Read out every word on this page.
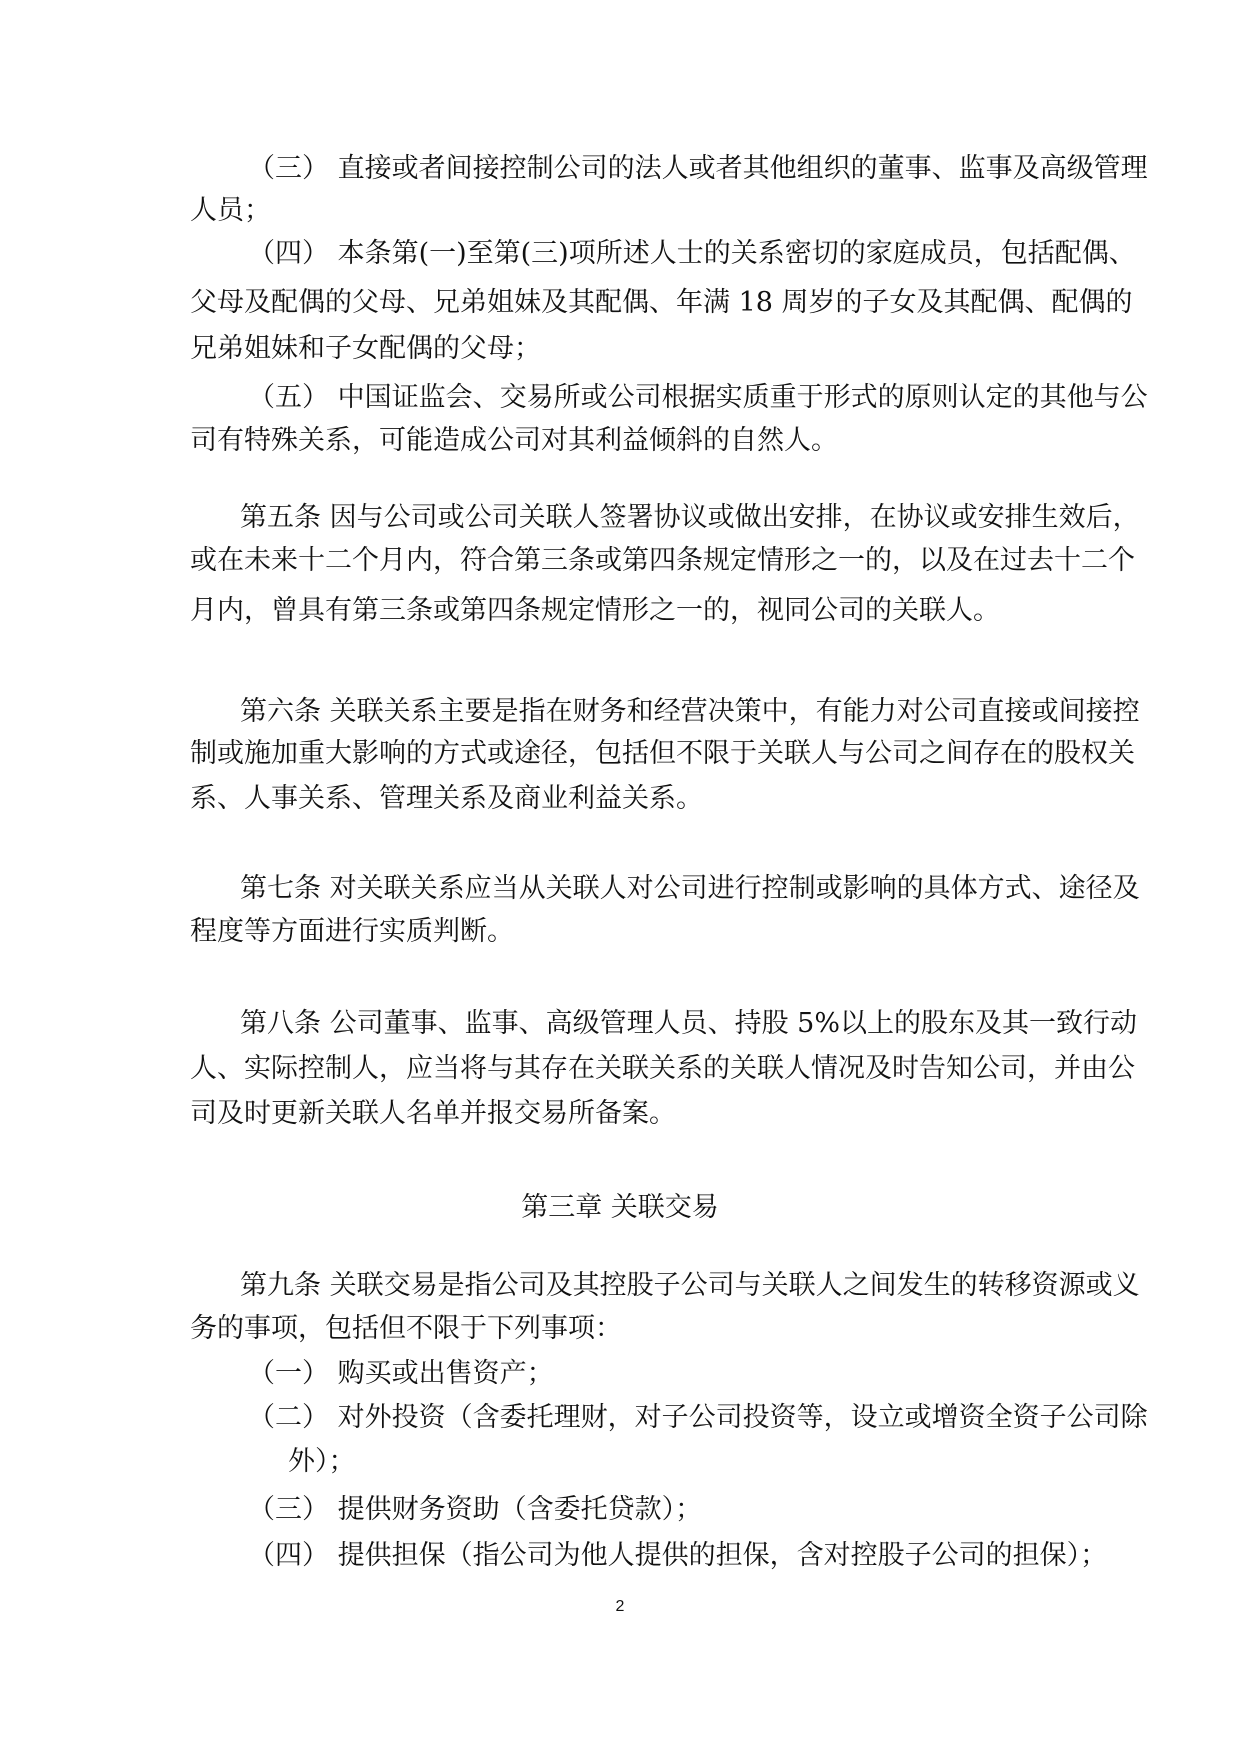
（三） 直接或者间接控制公司的法人或者其他组织的董事、监事及高级管理
人员；
（四） 本条第(一)至第(三)项所述人士的关系密切的家庭成员，包括配偶、
父母及配偶的父母、兄弟姐妹及其配偶、年满 18 周岁的子女及其配偶、配偶的
兄弟姐妹和子女配偶的父母；
（五） 中国证监会、交易所或公司根据实质重于形式的原则认定的其他与公
司有特殊关系，可能造成公司对其利益倾斜的自然人。
第五条 因与公司或公司关联人签署协议或做出安排，在协议或安排生效后，
或在未来十二个月内，符合第三条或第四条规定情形之一的，以及在过去十二个
月内，曾具有第三条或第四条规定情形之一的，视同公司的关联人。
第六条 关联关系主要是指在财务和经营决策中，有能力对公司直接或间接控
制或施加重大影响的方式或途径，包括但不限于关联人与公司之间存在的股权关
系、人事关系、管理关系及商业利益关系。
第七条 对关联关系应当从关联人对公司进行控制或影响的具体方式、途径及
程度等方面进行实质判断。
第八条 公司董事、监事、高级管理人员、持股 5%以上的股东及其一致行动
人、实际控制人，应当将与其存在关联关系的关联人情况及时告知公司，并由公
司及时更新关联人名单并报交易所备案。
第三章 关联交易
第九条 关联交易是指公司及其控股子公司与关联人之间发生的转移资源或义
务的事项，包括但不限于下列事项：
（一） 购买或出售资产；
（二） 对外投资（含委托理财，对子公司投资等，设立或增资全资子公司除
外）；
（三） 提供财务资助（含委托贷款）；
（四） 提供担保（指公司为他人提供的担保，含对控股子公司的担保）；
2
